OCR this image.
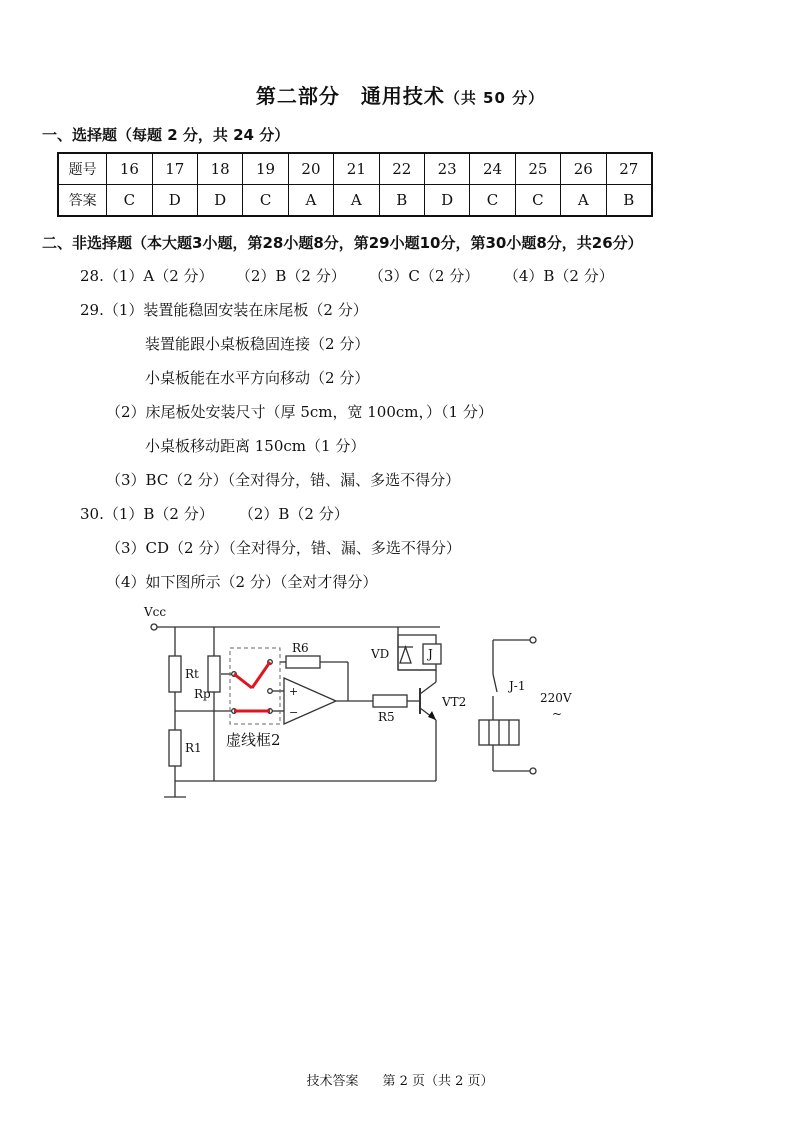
第二部分　通用技术（共 50 分）
一、选择题（每题 2 分，共 24 分）
题号	16	17	18	19	20	21	22	23	24	25	26	27
答案	C	D	D	C	A	A	B	D	C	C	A	B
二、非选择题（本大题3小题，第28小题8分，第29小题10分，第30小题8分，共26分）
28.（1）A（2 分） （2）B（2 分） （3）C（2 分） （4）B（2 分）
29.（1）装置能稳固安装在床尾板（2 分）
装置能跟小桌板稳固连接（2 分）
小桌板能在水平方向移动（2 分）
（2）床尾板处安装尺寸（厚 5cm，宽 100cm，）（1 分）
小桌板移动距离 150cm（1 分）
（3）BC（2 分）（全对得分，错、漏、多选不得分）
30.（1）B（2 分） （2）B（2 分）
（3）CD（2 分）（全对得分，错、漏、多选不得分）
（4）如下图所示（2 分）（全对才得分）
Vcc
Rt
Rp
R1
R6
R5
VD	J
VT2
J-1
220V
~
+
−
虚线框2
技术答案 第 2 页（共 2 页）
